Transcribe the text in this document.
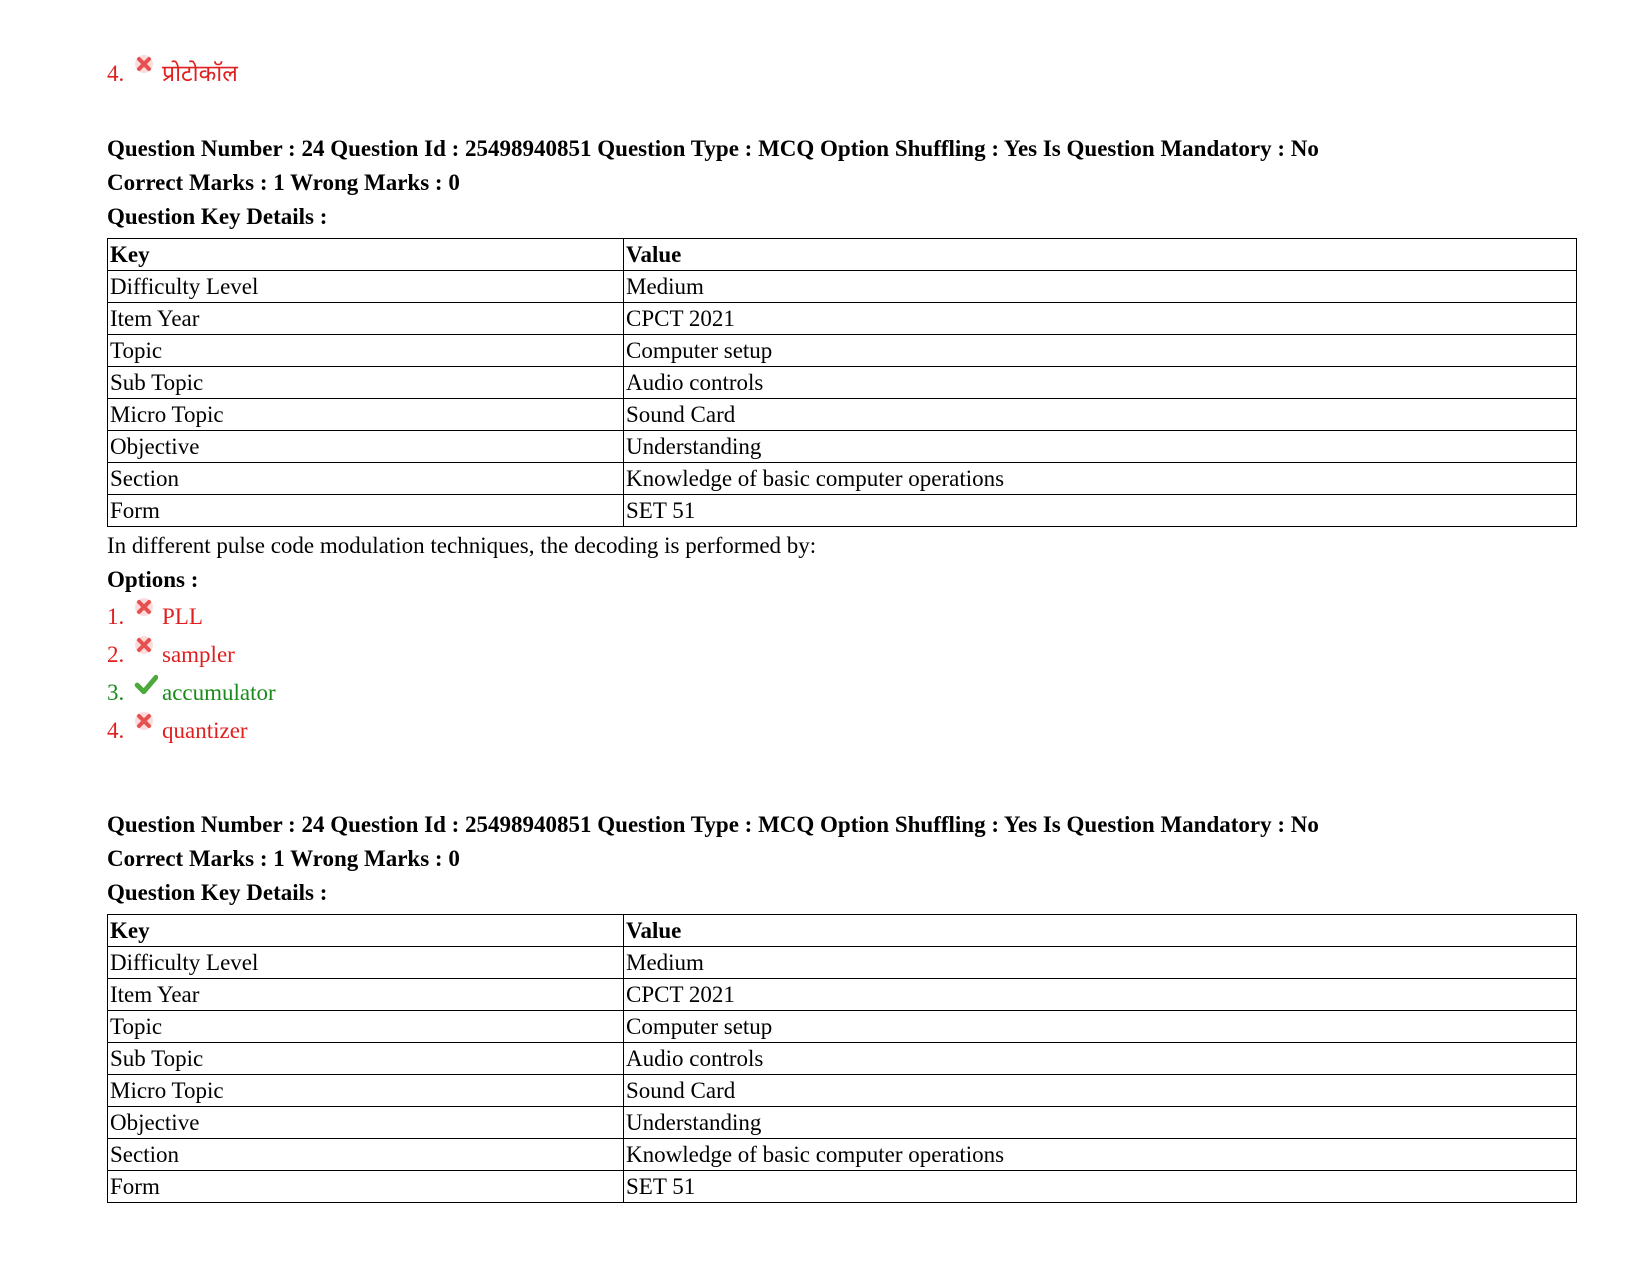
4.	प्रोटोकॉल
Question Number : 24 Question Id : 25498940851 Question Type : MCQ Option Shuffling : Yes Is Question Mandatory : No
Correct Marks : 1 Wrong Marks : 0
Question Key Details :
Key	Value
Difficulty Level	Medium
Item Year	CPCT 2021
Topic	Computer setup
Sub Topic	Audio controls
Micro Topic	Sound Card
Objective	Understanding
Section	Knowledge of basic computer operations
Form	SET 51
In different pulse code modulation techniques, the decoding is performed by:
Options :
1.	PLL
2.	sampler
3.	accumulator
4.	quantizer
Question Number : 24 Question Id : 25498940851 Question Type : MCQ Option Shuffling : Yes Is Question Mandatory : No
Correct Marks : 1 Wrong Marks : 0
Question Key Details :
Key	Value
Difficulty Level	Medium
Item Year	CPCT 2021
Topic	Computer setup
Sub Topic	Audio controls
Micro Topic	Sound Card
Objective	Understanding
Section	Knowledge of basic computer operations
Form	SET 51
